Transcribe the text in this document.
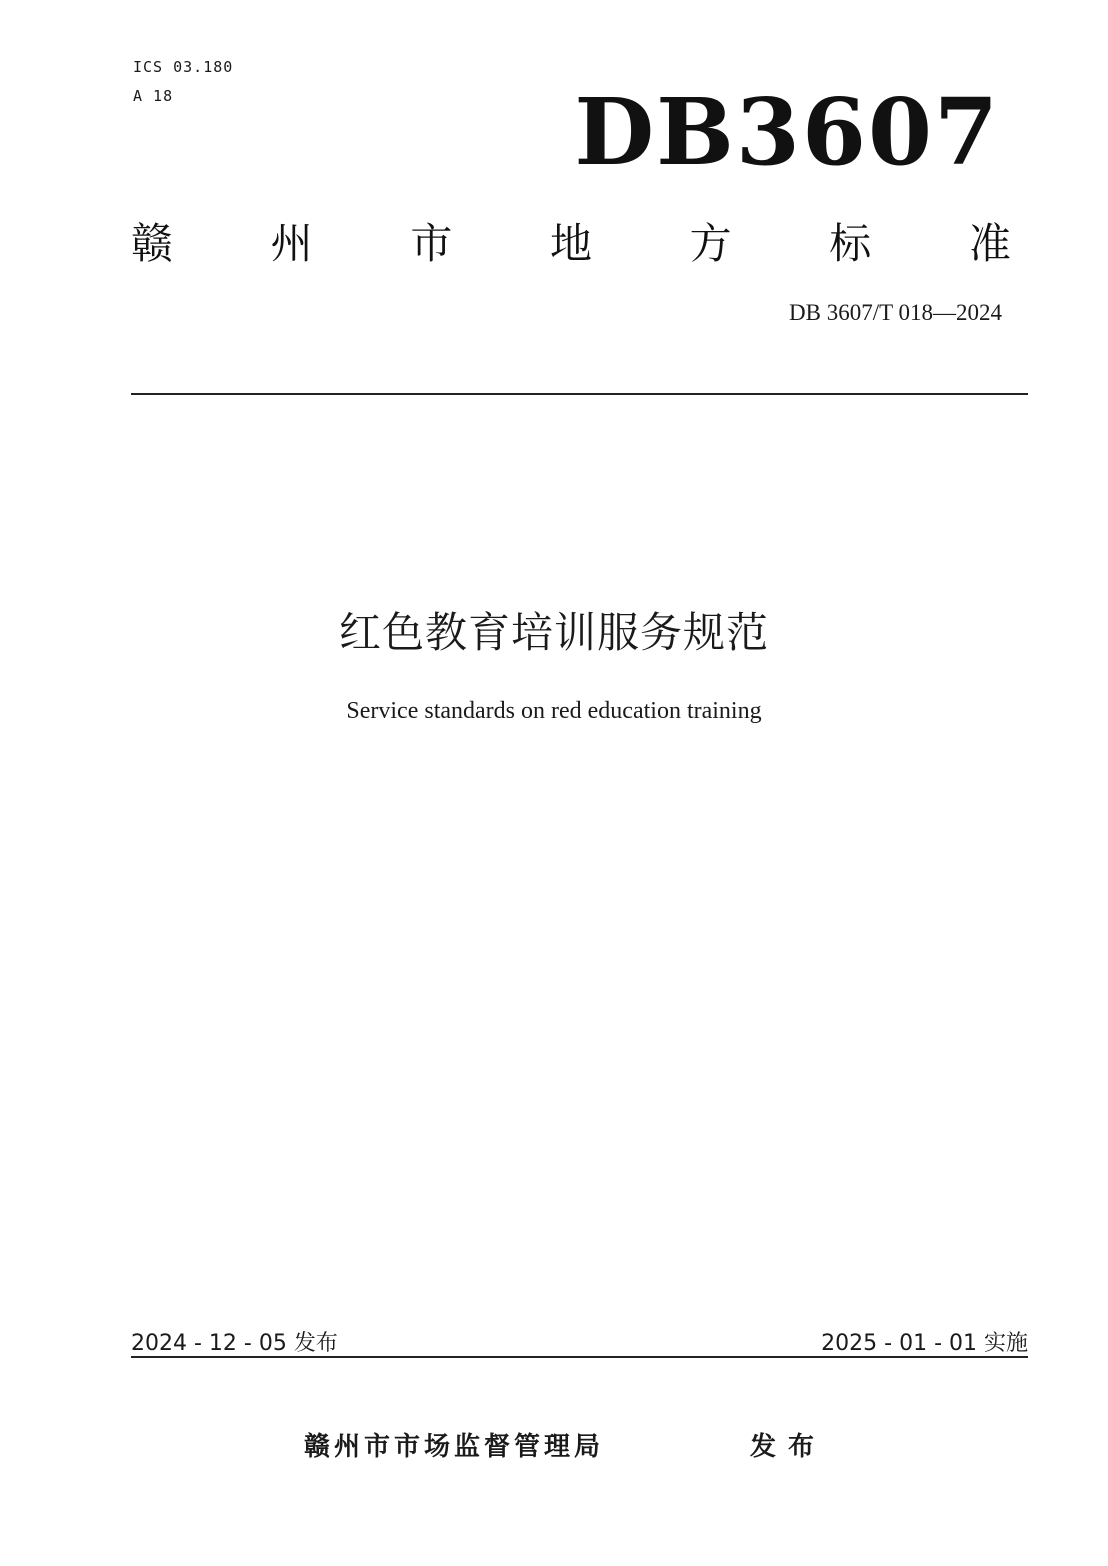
ICS 03.180
A 18	DB3607
赣 州 市 地 方 标 准
DB 3607/T 018—2024
红色教育培训服务规范
Service standards on red education training
2024 - 12 - 05 发布	2025 - 01 - 01 实施
赣州市市场监督管理局	发布
